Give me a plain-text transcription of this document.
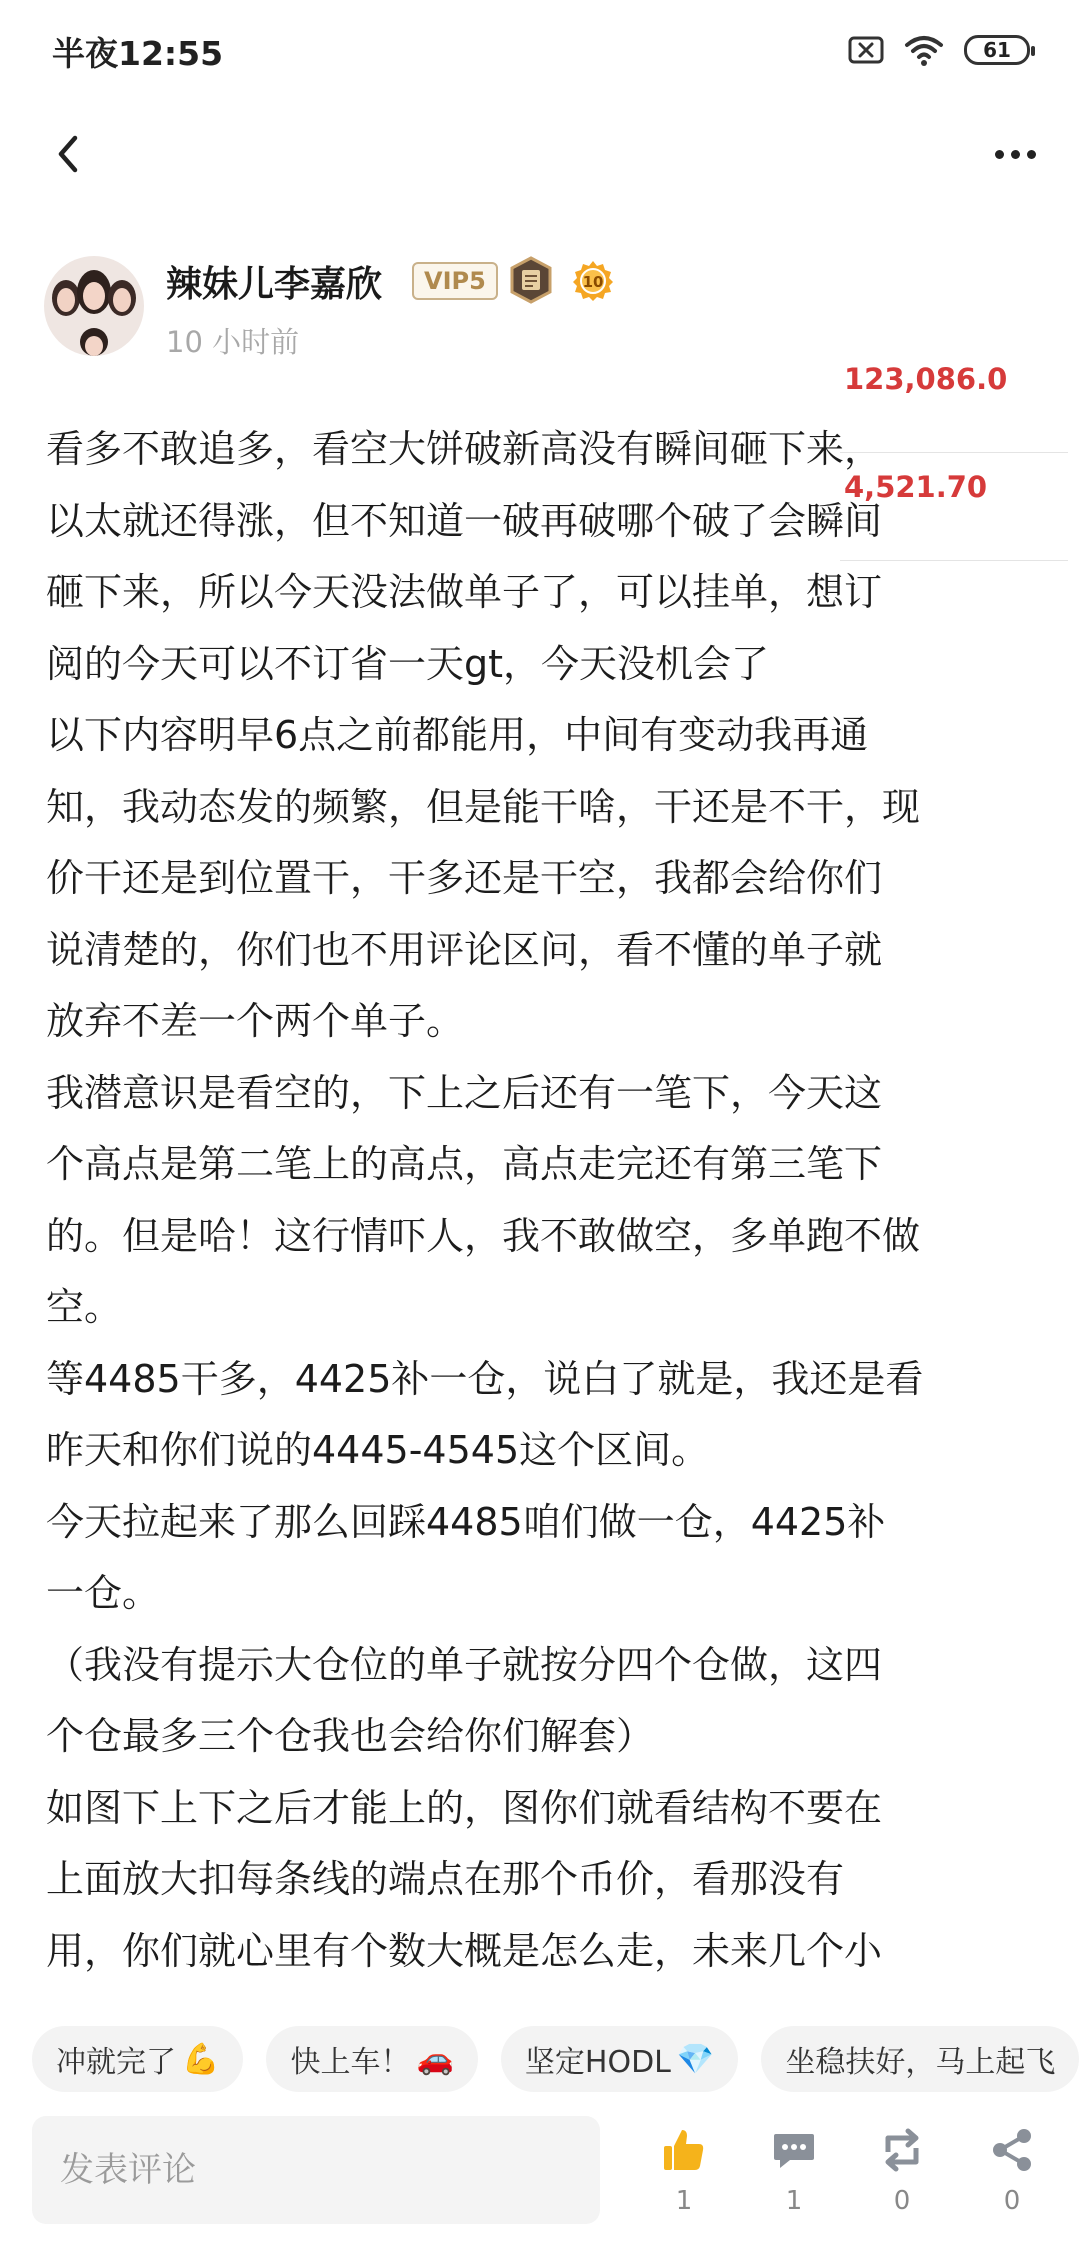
半夜12:55	61
辣妹儿李嘉欣	VIP5	10
10 小时前
123,086.0
4,521.70
看多不敢追多，看空大饼破新高没有瞬间砸下来，
以太就还得涨，但不知道一破再破哪个破了会瞬间
砸下来，所以今天没法做单子了，可以挂单，想订
阅的今天可以不订省一天gt，今天没机会了
以下内容明早6点之前都能用，中间有变动我再通
知，我动态发的频繁，但是能干啥，干还是不干，现
价干还是到位置干，干多还是干空，我都会给你们
说清楚的，你们也不用评论区问，看不懂的单子就
放弃不差一个两个单子。
我潜意识是看空的，下上之后还有一笔下，今天这
个高点是第二笔上的高点，高点走完还有第三笔下
的。但是哈！这行情吓人，我不敢做空，多单跑不做
空。
等4485干多，4425补一仓，说白了就是，我还是看
昨天和你们说的4445-4545这个区间。
今天拉起来了那么回踩4485咱们做一仓，4425补
一仓。
（我没有提示大仓位的单子就按分四个仓做，这四
个仓最多三个仓我也会给你们解套）
如图下上下之后才能上的，图你们就看结构不要在
上面放大扣每条线的端点在那个币价，看那没有
用，你们就心里有个数大概是怎么走，未来几个小
冲就完了 💪
快上车！ 🚗
坚定HODL 💎
坐稳扶好，马上起飞
发表评论
1	1	0	0
